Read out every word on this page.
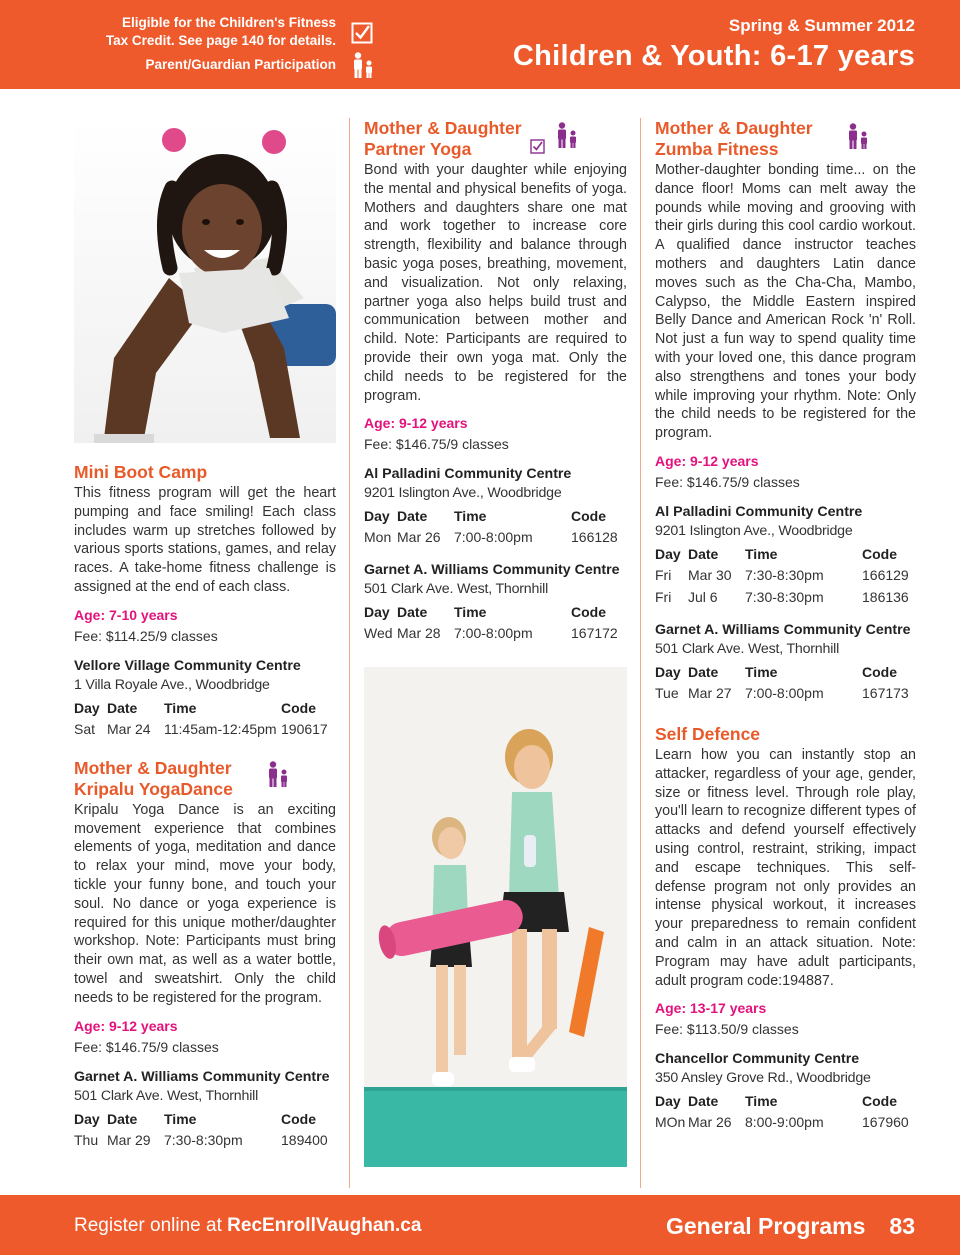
Eligible for the Children's Fitness
Tax Credit. See page 140 for details.
Parent/Guardian Participation
Spring & Summer 2012
Children & Youth: 6-17 years
Mini Boot Camp
This fitness program will get the heart pumping and face smiling! Each class includes warm up stretches followed by various sports stations, games, and relay races. A take-home fitness challenge is assigned at the end of each class.
Age: 7-10 years
Fee: $114.25/9 classes
Vellore Village Community Centre
1 Villa Royale Ave., Woodbridge
Day	Date	Time	Code
Sat	Mar 24	11:45am-12:45pm	190617
Mother & Daughter
Kripalu YogaDance
Kripalu Yoga Dance is an exciting movement experience that combines elements of yoga, meditation and dance to relax your mind, move your body, tickle your funny bone, and touch your soul. No dance or yoga experience is required for this unique mother/daughter workshop. Note: Participants must bring their own mat, as well as a water bottle, towel and sweatshirt. Only the child needs to be registered for the program.
Age: 9-12 years
Fee: $146.75/9 classes
Garnet A. Williams Community Centre
501 Clark Ave. West, Thornhill
Day	Date	Time	Code
Thu	Mar 29	7:30-8:30pm	189400
Mother & Daughter
Partner Yoga
Bond with your daughter while enjoying the mental and physical benefits of yoga. Mothers and daughters share one mat and work together to increase core strength, flexibility and balance through basic yoga poses, breathing, movement, and visualization. Not only relaxing, partner yoga also helps build trust and communication between mother and child. Note: Participants are required to provide their own yoga mat. Only the child needs to be registered for the program.
Age: 9-12 years
Fee: $146.75/9 classes
Al Palladini Community Centre
9201 Islington Ave., Woodbridge
Day	Date	Time	Code
Mon	Mar 26	7:00-8:00pm	166128
Garnet A. Williams Community Centre
501 Clark Ave. West, Thornhill
Day	Date	Time	Code
Wed	Mar 28	7:00-8:00pm	167172
Mother & Daughter
Zumba Fitness
Mother-daughter bonding time... on the dance floor! Moms can melt away the pounds while moving and grooving with their girls during this cool cardio workout. A qualified dance instructor teaches mothers and daughters Latin dance moves such as the Cha-Cha, Mambo, Calypso, the Middle Eastern inspired Belly Dance and American Rock 'n' Roll. Not just a fun way to spend quality time with your loved one, this dance program also strengthens and tones your body while improving your rhythm. Note: Only the child needs to be registered for the program.
Age: 9-12 years
Fee: $146.75/9 classes
Al Palladini Community Centre
9201 Islington Ave., Woodbridge
Day	Date	Time	Code
Fri	Mar 30	7:30-8:30pm	166129
Fri	Jul 6	7:30-8:30pm	186136
Garnet A. Williams Community Centre
501 Clark Ave. West, Thornhill
Day	Date	Time	Code
Tue	Mar 27	7:00-8:00pm	167173
Self Defence
Learn how you can instantly stop an attacker, regardless of your age, gender, size or fitness level. Through role play, you'll learn to recognize different types of attacks and defend yourself effectively using control, restraint, striking, impact and escape techniques. This self-defense program not only provides an intense physical workout, it increases your preparedness to remain confident and calm in an attack situation. Note: Program may have adult participants, adult program code:194887.
Age: 13-17 years
Fee: $113.50/9 classes
Chancellor Community Centre
350 Ansley Grove Rd., Woodbridge
Day	Date	Time	Code
MOn	Mar 26	8:00-9:00pm	167960
Register online at RecEnrollVaughan.ca	General Programs 83
